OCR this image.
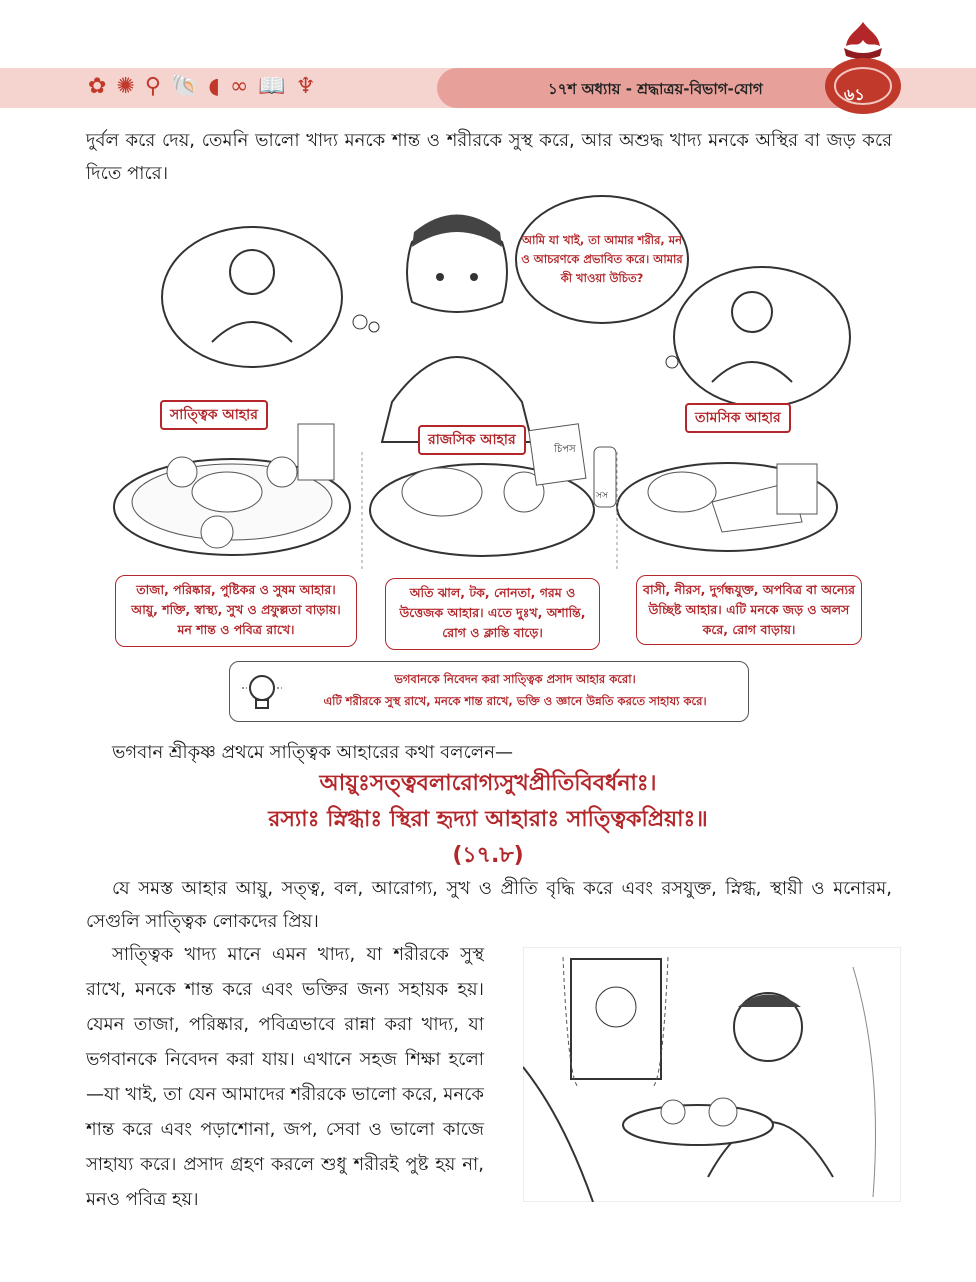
✿ ✺ ⚲ 🐚 ◖ ∞ 📖 ♆	১৭শ অধ্যায় - শ্রদ্ধাত্রয়-বিভাগ-যোগ	৬১
দুর্বল করে দেয়, তেমনি ভালো খাদ্য মনকে শান্ত ও শরীরকে সুস্থ করে, আর অশুদ্ধ খাদ্য মনকে অস্থির বা জড় করে দিতে পারে।
চিপস
সস
আমি যা খাই, তা আমার শরীর, মন ও আচরণকে প্রভাবিত করে। আমার কী খাওয়া উচিত?
সাত্ত্বিক আহার
রাজসিক আহার
তামসিক আহার
তাজা, পরিষ্কার, পুষ্টিকর ও সুষম আহার। আয়ু, শক্তি, স্বাস্থ্য, সুখ ও প্রফুল্লতা বাড়ায়। মন শান্ত ও পবিত্র রাখে।
অতি ঝাল, টক, নোনতা, গরম ও উত্তেজক আহার। এতে দুঃখ, অশান্তি, রোগ ও ক্লান্তি বাড়ে।
বাসী, নীরস, দুর্গন্ধযুক্ত, অপবিত্র বা অন্যের উচ্ছিষ্ট আহার। এটি মনকে জড় ও অলস করে, রোগ বাড়ায়।
ভগবানকে নিবেদন করা সাত্ত্বিক প্রসাদ আহার করো।
এটি শরীরকে সুস্থ রাখে, মনকে শান্ত রাখে, ভক্তি ও জ্ঞানে উন্নতি করতে সাহায্য করে।
ভগবান শ্রীকৃষ্ণ প্রথমে সাত্ত্বিক আহারের কথা বললেন—
আয়ুঃসত্ত্ববলারোগ্যসুখপ্রীতিবিবর্ধনাঃ।
রস্যাঃ স্নিগ্ধাঃ স্থিরা হৃদ্যা আহারাঃ সাত্ত্বিকপ্রিয়াঃ॥
(১৭.৮)
যে সমস্ত আহার আয়ু, সত্ত্ব, বল, আরোগ্য, সুখ ও প্রীতি বৃদ্ধি করে এবং রসযুক্ত, স্নিগ্ধ, স্থায়ী ও মনোরম, সেগুলি সাত্ত্বিক লোকদের প্রিয়।
সাত্ত্বিক খাদ্য মানে এমন খাদ্য, যা শরীরকে সুস্থ রাখে, মনকে শান্ত করে এবং ভক্তির জন্য সহায়ক হয়। যেমন তাজা, পরিষ্কার, পবিত্রভাবে রান্না করা খাদ্য, যা ভগবানকে নিবেদন করা যায়। এখানে সহজ শিক্ষা হলো—যা খাই, তা যেন আমাদের শরীরকে ভালো করে, মনকে শান্ত করে এবং পড়াশোনা, জপ, সেবা ও ভালো কাজে সাহায্য করে। প্রসাদ গ্রহণ করলে শুধু শরীরই পুষ্ট হয় না, মনও পবিত্র হয়।
